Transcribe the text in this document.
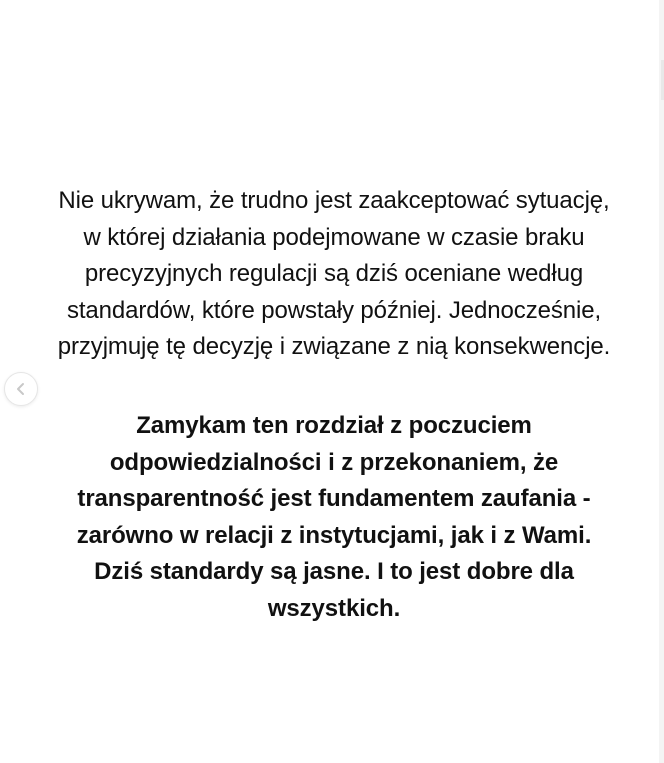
Nie ukrywam, że trudno jest zaakceptować sytuację,
w której działania podejmowane w czasie braku
precyzyjnych regulacji są dziś oceniane według
standardów, które powstały później. Jednocześnie,
przyjmuję tę decyzję i związane z nią konsekwencje.

Zamykam ten rozdział z poczuciem
odpowiedzialności i z przekonaniem, że
transparentność jest fundamentem zaufania -
zarówno w relacji z instytucjami, jak i z Wami.
Dziś standardy są jasne. I to jest dobre dla
wszystkich.
